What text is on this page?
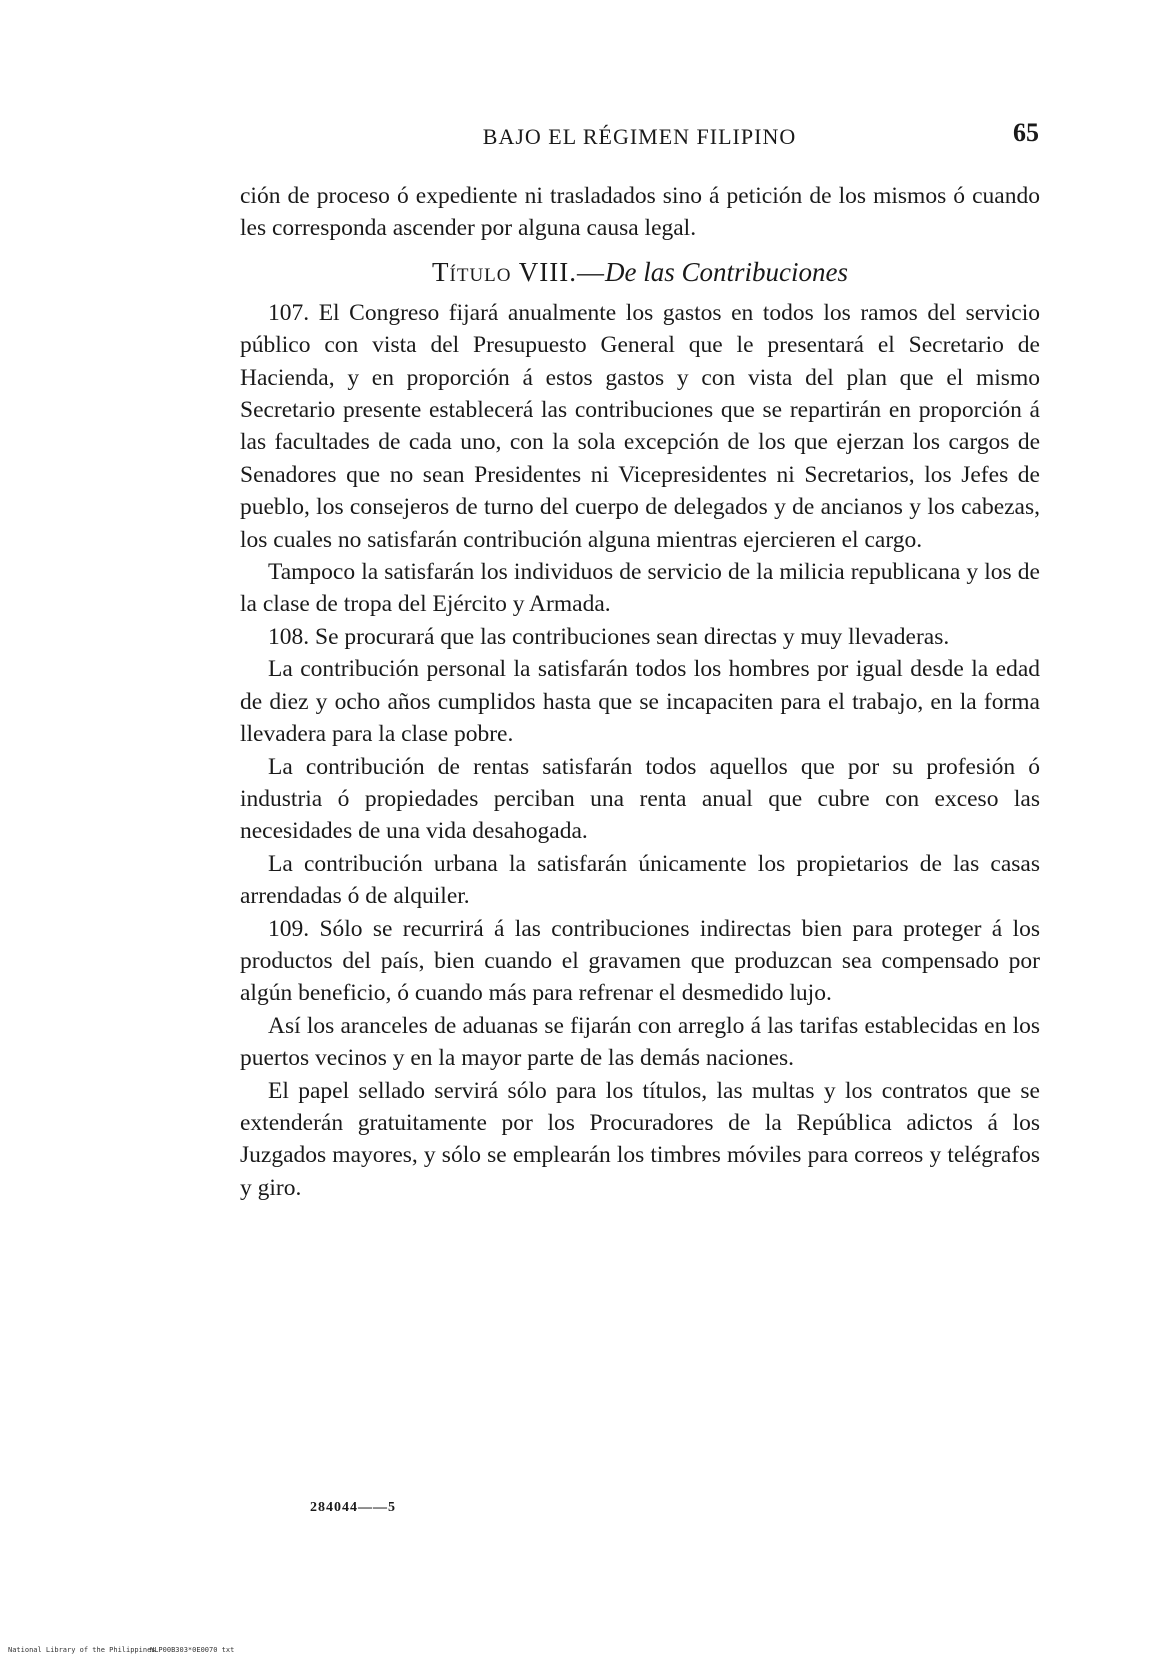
BAJO EL RÉGIMEN FILIPINO	65

ción de proceso ó expediente ni trasladados sino á petición de los mismos ó cuando les corresponda ascender por alguna causa legal.

Título VIII.—De las Contribuciones

107. El Congreso fijará anualmente los gastos en todos los ramos del servicio público con vista del Presupuesto General que le presentará el Secretario de Hacienda, y en proporción á estos gastos y con vista del plan que el mismo Secretario presente establecerá las contribuciones que se repartirán en proporción á las facultades de cada uno, con la sola excepción de los que ejerzan los cargos de Senadores que no sean Presidentes ni Vicepresidentes ni Secretarios, los Jefes de pueblo, los consejeros de turno del cuerpo de delegados y de ancianos y los cabezas, los cuales no satisfarán contribución alguna mientras ejercieren el cargo.

Tampoco la satisfarán los individuos de servicio de la milicia republicana y los de la clase de tropa del Ejército y Armada.

108. Se procurará que las contribuciones sean directas y muy llevaderas.

La contribución personal la satisfarán todos los hombres por igual desde la edad de diez y ocho años cumplidos hasta que se incapaciten para el trabajo, en la forma llevadera para la clase pobre.

La contribución de rentas satisfarán todos aquellos que por su profesión ó industria ó propiedades perciban una renta anual que cubre con exceso las necesidades de una vida desahogada.

La contribución urbana la satisfarán únicamente los propietarios de las casas arrendadas ó de alquiler.

109. Sólo se recurrirá á las contribuciones indirectas bien para proteger á los productos del país, bien cuando el gravamen que produzcan sea compensado por algún beneficio, ó cuando más para refrenar el desmedido lujo.

Así los aranceles de aduanas se fijarán con arreglo á las tarifas establecidas en los puertos vecinos y en la mayor parte de las demás naciones.

El papel sellado servirá sólo para los títulos, las multas y los contratos que se extenderán gratuitamente por los Procuradores de la República adictos á los Juzgados mayores, y sólo se emplearán los timbres móviles para correos y telégrafos y giro.

284044——5
National Library of the Philippines
NLP00B303*0E0070 txt
